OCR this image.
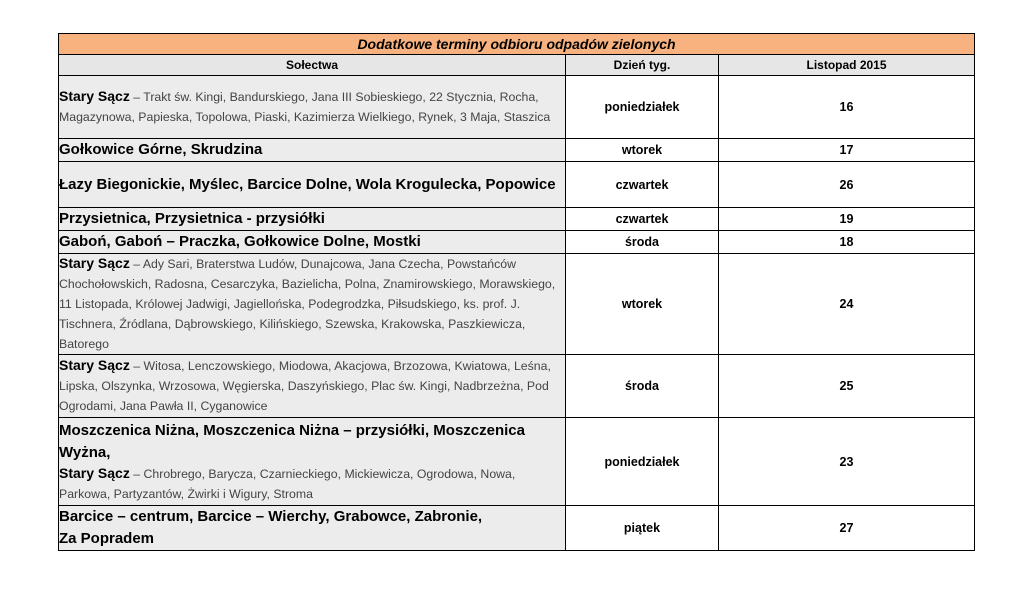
Dodatkowe terminy odbioru odpadów zielonych		
Sołectwa	Dzień tyg.	Listopad 2015
Stary Sącz – Trakt św. Kingi, Bandurskiego, Jana III Sobieskiego, 22 Stycznia, Rocha, Magazynowa, Papieska, Topolowa, Piaski, Kazimierza Wielkiego, Rynek, 3 Maja, Staszica	poniedziałek	16
Gołkowice Górne, Skrudzina	wtorek	17
Łazy Biegonickie, Myślec, Barcice Dolne, Wola Krogulecka, Popowice	czwartek	26
Przysietnica, Przysietnica - przysiółki	czwartek	19
Gaboń, Gaboń – Praczka, Gołkowice Dolne, Mostki	środa	18
Stary Sącz – Ady Sari, Braterstwa Ludów, Dunajcowa, Jana Czecha, Powstańców Chochołowskich, Radosna, Cesarczyka, Bazielicha, Polna, Znamirowskiego, Morawskiego, 11 Listopada, Królowej Jadwigi, Jagiellońska, Podegrodzka, Piłsudskiego, ks. prof. J. Tischnera, Źródlana, Dąbrowskiego, Kilińskiego, Szewska, Krakowska, Paszkiewicza, Batorego	wtorek	24
Stary Sącz – Witosa, Lenczowskiego, Miodowa, Akacjowa, Brzozowa, Kwiatowa, Leśna, Lipska, Olszynka, Wrzosowa, Węgierska, Daszyńskiego, Plac św. Kingi, Nadbrzeżna, Pod Ogrodami, Jana Pawła II, Cyganowice	środa	25

Moszczenica Niżna, Moszczenica Niżna – przysiółki, Moszczenica Wyżna,
Stary Sącz – Chrobrego, Barycza, Czarnieckiego, Mickiewicza, Ogrodowa, Nowa, Parkowa, Partyzantów, Żwirki i Wigury, Stroma	poniedziałek	23

Barcice – centrum, Barcice – Wierchy, Grabowce, Zabronie,
Za Popradem	piątek	27
